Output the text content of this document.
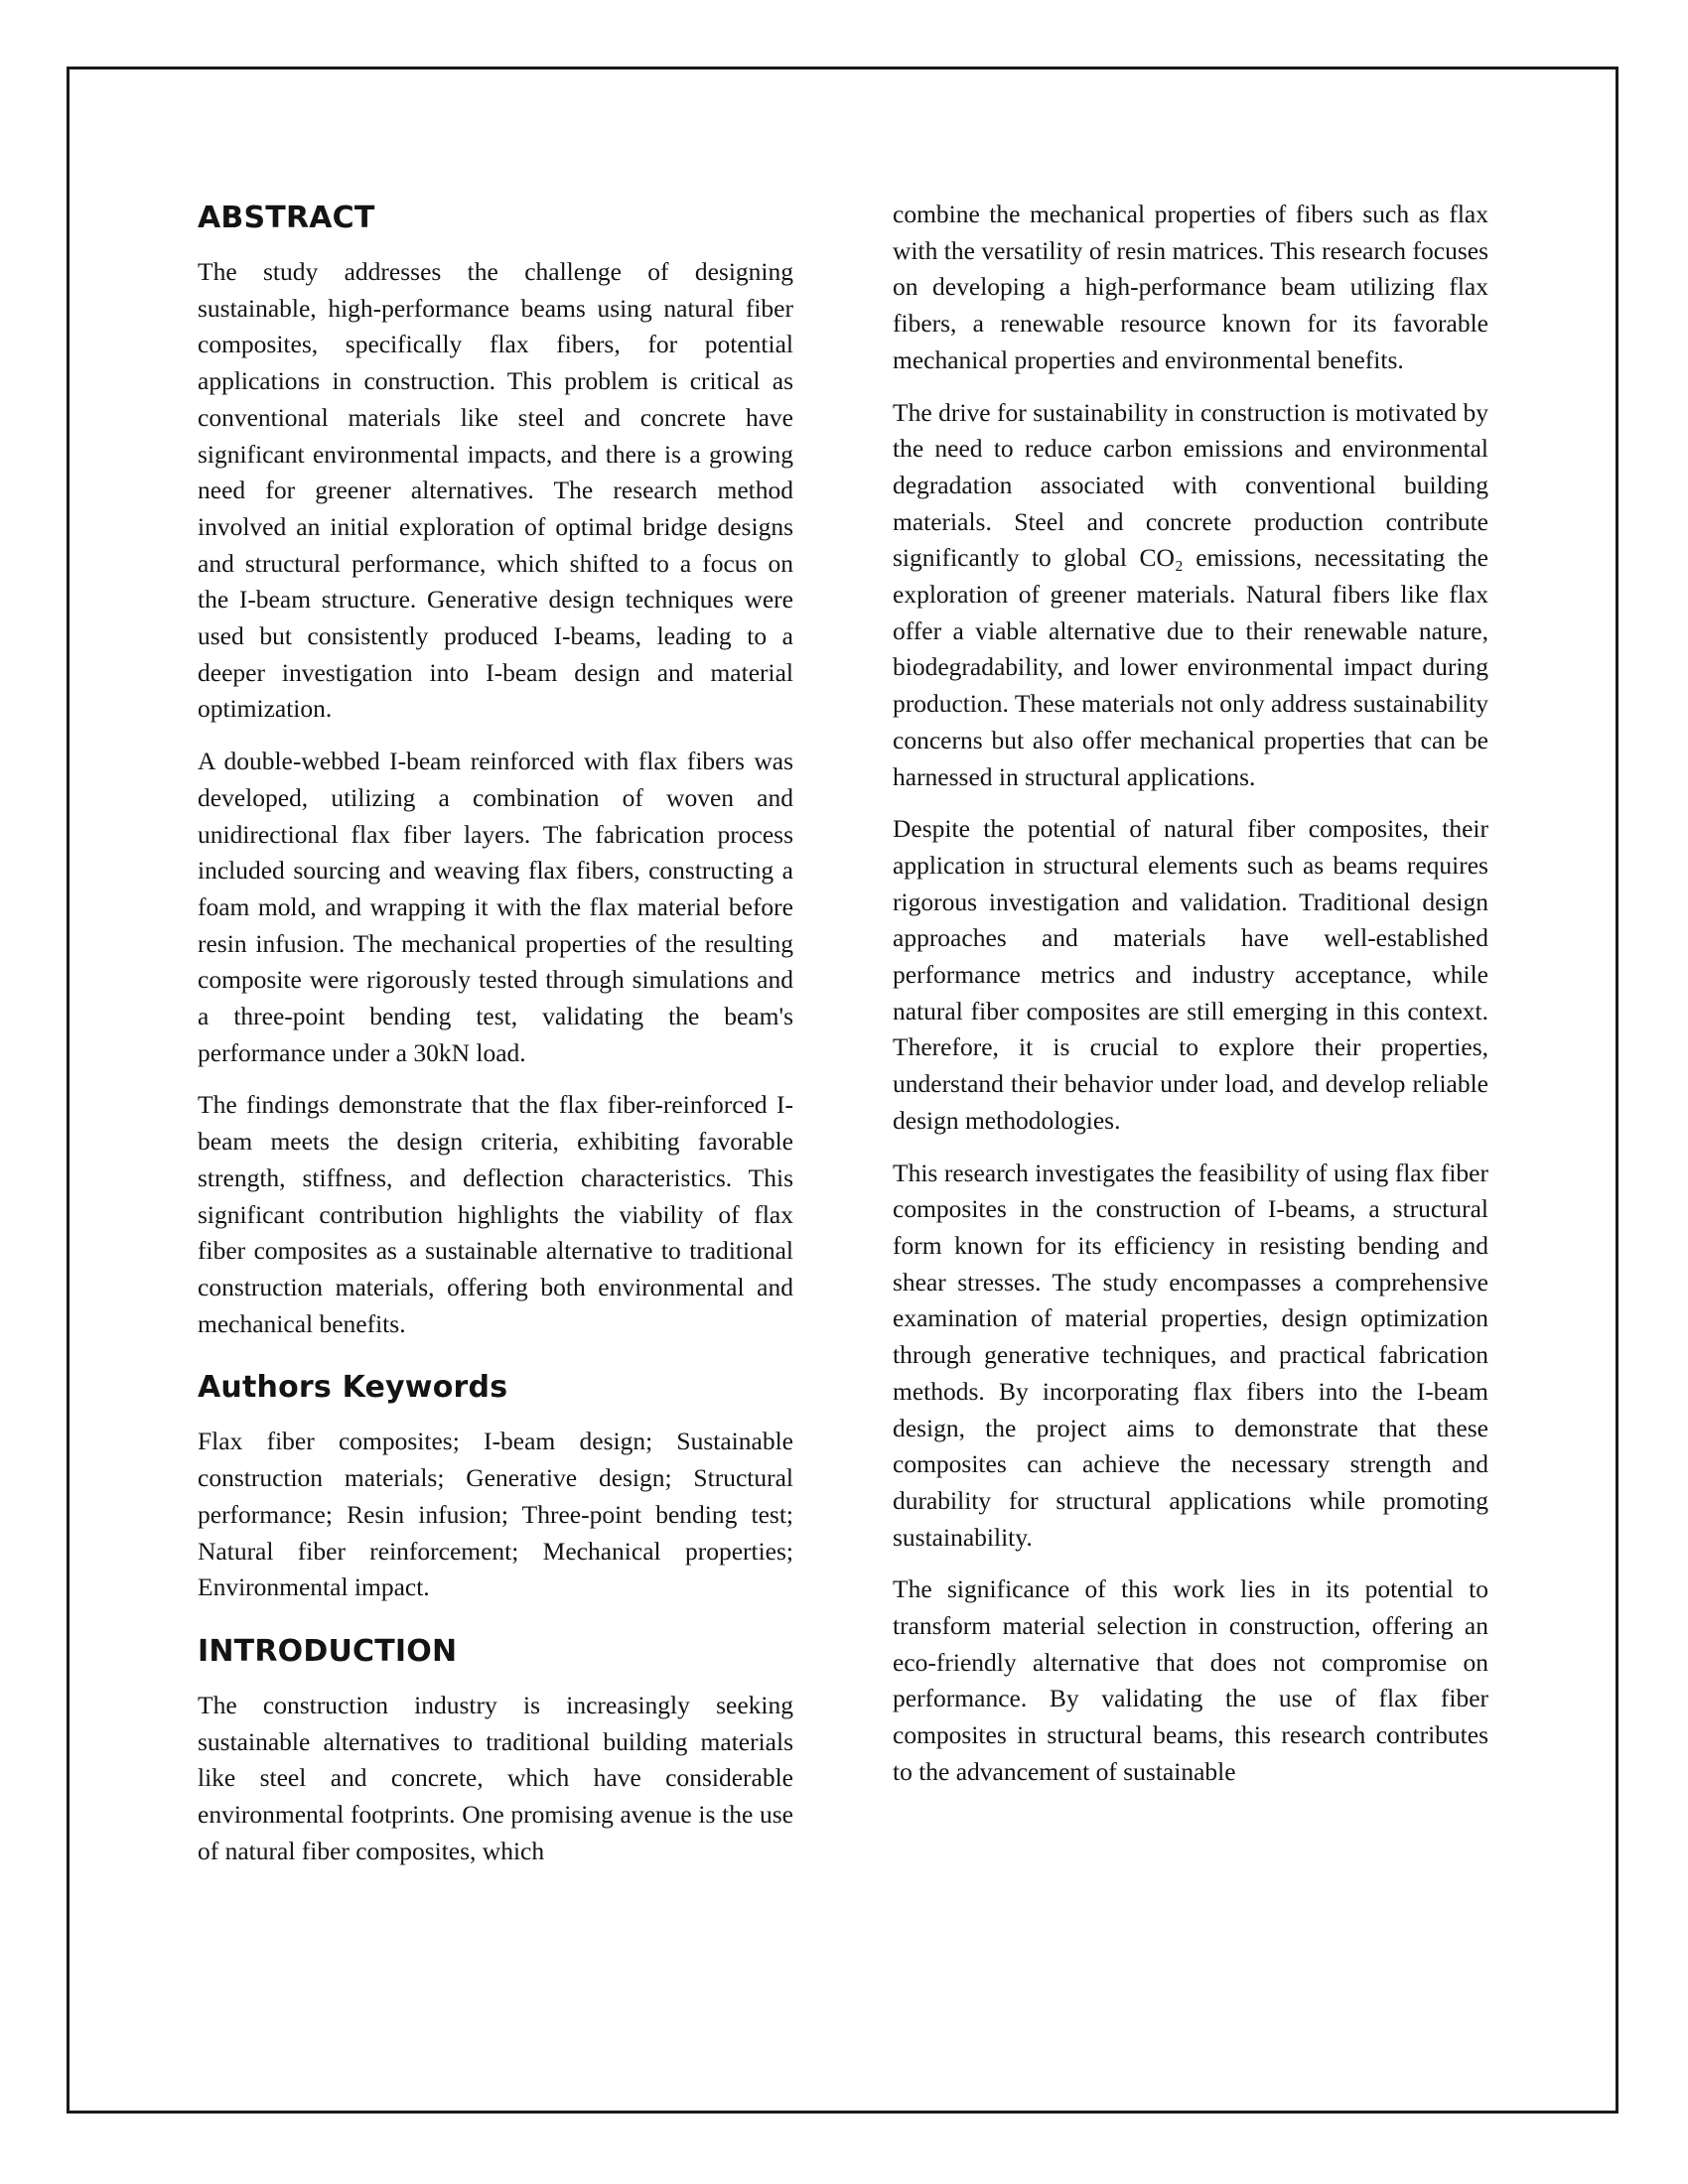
ABSTRACT

The study addresses the challenge of designing sustainable, high-performance beams using natural fiber composites, specifically flax fibers, for potential applications in construction. This problem is critical as conventional materials like steel and concrete have significant environmental impacts, and there is a growing need for greener alternatives. The research method involved an initial exploration of optimal bridge designs and structural performance, which shifted to a focus on the I-beam structure. Generative design techniques were used but consistently produced I-beams, leading to a deeper investigation into I-beam design and material optimization.

A double-webbed I-beam reinforced with flax fibers was developed, utilizing a combination of woven and unidirectional flax fiber layers. The fabrication process included sourcing and weaving flax fibers, constructing a foam mold, and wrapping it with the flax material before resin infusion. The mechanical properties of the resulting composite were rigorously tested through simulations and a three-point bending test, validating the beam's performance under a 30kN load.

The findings demonstrate that the flax fiber-reinforced I-beam meets the design criteria, exhibiting favorable strength, stiffness, and deflection characteristics. This significant contribution highlights the viability of flax fiber composites as a sustainable alternative to traditional construction materials, offering both environmental and mechanical benefits.

Authors Keywords

Flax fiber composites; I-beam design; Sustainable construction materials; Generative design; Structural performance; Resin infusion; Three-point bending test; Natural fiber reinforcement; Mechanical properties; Environmental impact.

INTRODUCTION

The construction industry is increasingly seeking sustainable alternatives to traditional building materials like steel and concrete, which have considerable environmental footprints. One promising avenue is the use of natural fiber composites, which

combine the mechanical properties of fibers such as flax with the versatility of resin matrices. This research focuses on developing a high-performance beam utilizing flax fibers, a renewable resource known for its favorable mechanical properties and environmental benefits.

The drive for sustainability in construction is motivated by the need to reduce carbon emissions and environmental degradation associated with conventional building materials. Steel and concrete production contribute significantly to global CO₂ emissions, necessitating the exploration of greener materials. Natural fibers like flax offer a viable alternative due to their renewable nature, biodegradability, and lower environmental impact during production. These materials not only address sustainability concerns but also offer mechanical properties that can be harnessed in structural applications.

Despite the potential of natural fiber composites, their application in structural elements such as beams requires rigorous investigation and validation. Traditional design approaches and materials have well-established performance metrics and industry acceptance, while natural fiber composites are still emerging in this context. Therefore, it is crucial to explore their properties, understand their behavior under load, and develop reliable design methodologies.

This research investigates the feasibility of using flax fiber composites in the construction of I-beams, a structural form known for its efficiency in resisting bending and shear stresses. The study encompasses a comprehensive examination of material properties, design optimization through generative techniques, and practical fabrication methods. By incorporating flax fibers into the I-beam design, the project aims to demonstrate that these composites can achieve the necessary strength and durability for structural applications while promoting sustainability.

The significance of this work lies in its potential to transform material selection in construction, offering an eco-friendly alternative that does not compromise on performance. By validating the use of flax fiber composites in structural beams, this research contributes to the advancement of sustainable
